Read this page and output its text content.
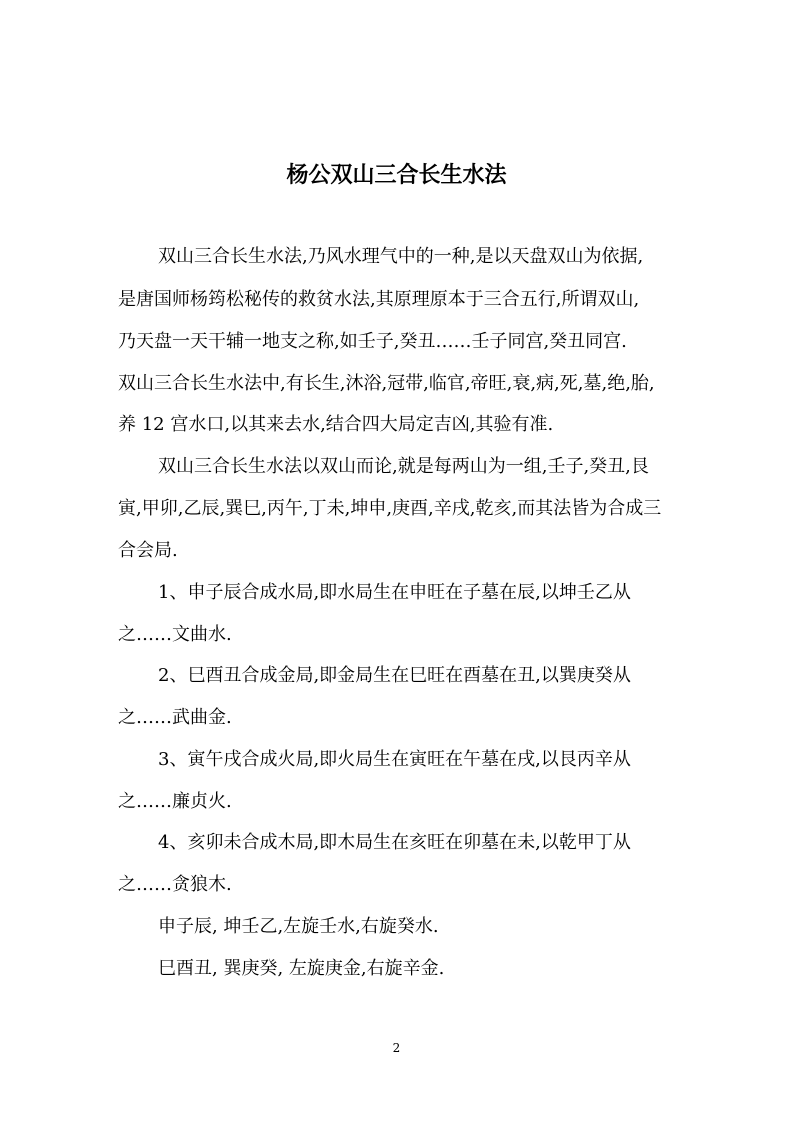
杨公双山三合长生水法
双山三合长生水法,乃风水理气中的一种,是以天盘双山为依据,
是唐国师杨筠松秘传的救贫水法,其原理原本于三合五行,所谓双山,
乃天盘一天干辅一地支之称,如壬子,癸丑……壬子同宫,癸丑同宫.
双山三合长生水法中,有长生,沐浴,冠带,临官,帝旺,衰,病,死,墓,绝,胎,
养 12 宫水口,以其来去水,结合四大局定吉凶,其验有准.
双山三合长生水法以双山而论,就是每两山为一组,壬子,癸丑,艮
寅,甲卯,乙辰,巽巳,丙午,丁未,坤申,庚酉,辛戌,乾亥,而其法皆为合成三
合会局.
1、申子辰合成水局,即水局生在申旺在子墓在辰,以坤壬乙从
之……文曲水.
2、巳酉丑合成金局,即金局生在巳旺在酉墓在丑,以巽庚癸从
之……武曲金.
3、寅午戌合成火局,即火局生在寅旺在午墓在戌,以艮丙辛从
之……廉贞火.
4、亥卯未合成木局,即木局生在亥旺在卯墓在未,以乾甲丁从
之……贪狼木.
申子辰, 坤壬乙,左旋壬水,右旋癸水.
巳酉丑, 巽庚癸, 左旋庚金,右旋辛金.
2
